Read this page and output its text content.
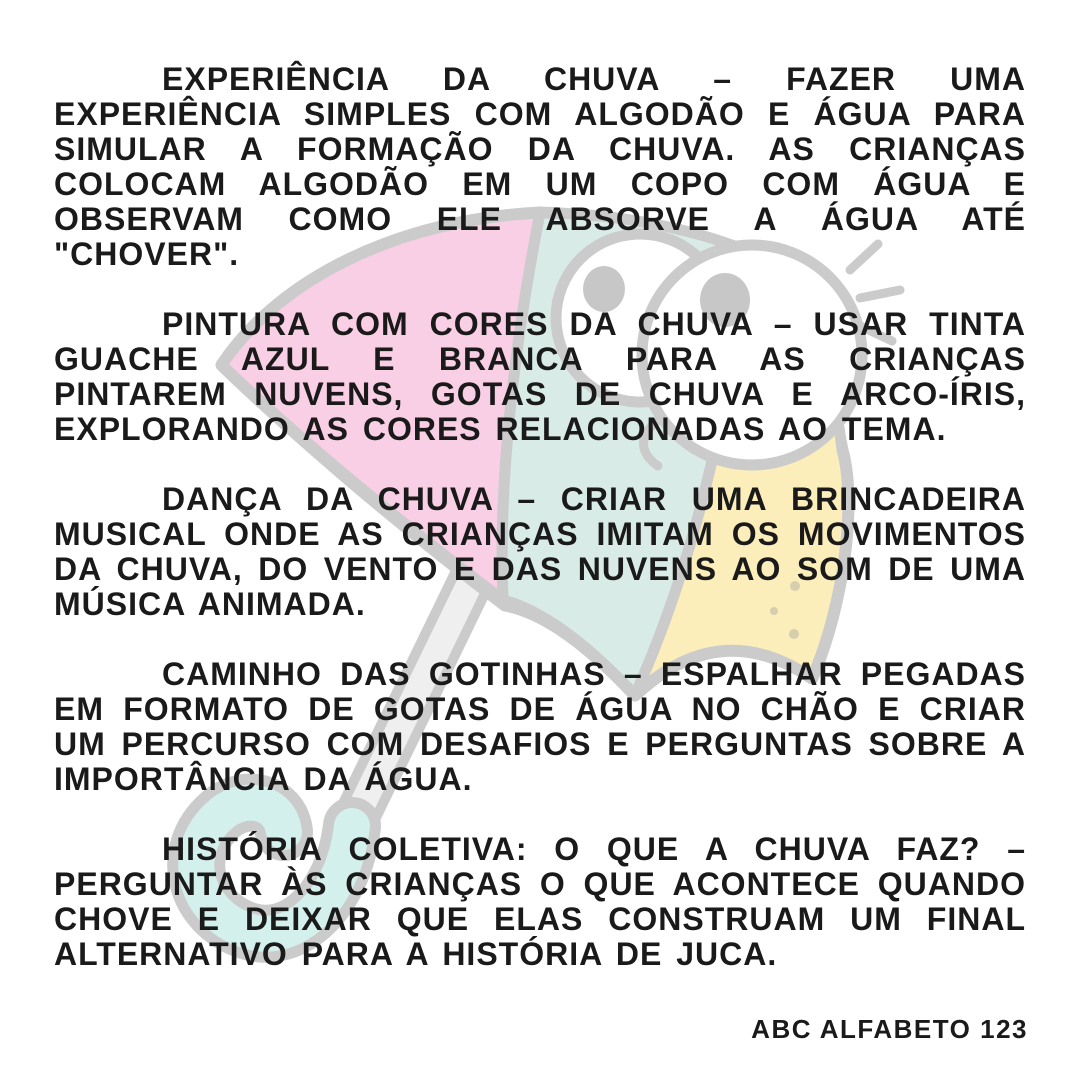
EXPERIÊNCIA DA CHUVA – FAZER UMA EXPERIÊNCIA SIMPLES COM ALGODÃO E ÁGUA PARA SIMULAR A FORMAÇÃO DA CHUVA. AS CRIANÇAS COLOCAM ALGODÃO EM UM COPO COM ÁGUA E OBSERVAM COMO ELE ABSORVE A ÁGUA ATÉ "CHOVER".

PINTURA COM CORES DA CHUVA – USAR TINTA GUACHE AZUL E BRANCA PARA AS CRIANÇAS PINTAREM NUVENS, GOTAS DE CHUVA E ARCO-ÍRIS, EXPLORANDO AS CORES RELACIONADAS AO TEMA.

DANÇA DA CHUVA – CRIAR UMA BRINCADEIRA MUSICAL ONDE AS CRIANÇAS IMITAM OS MOVIMENTOS DA CHUVA, DO VENTO E DAS NUVENS AO SOM DE UMA MÚSICA ANIMADA.

CAMINHO DAS GOTINHAS – ESPALHAR PEGADAS EM FORMATO DE GOTAS DE ÁGUA NO CHÃO E CRIAR UM PERCURSO COM DESAFIOS E PERGUNTAS SOBRE A IMPORTÂNCIA DA ÁGUA.

HISTÓRIA COLETIVA: O QUE A CHUVA FAZ? – PERGUNTAR ÀS CRIANÇAS O QUE ACONTECE QUANDO CHOVE E DEIXAR QUE ELAS CONSTRUAM UM FINAL ALTERNATIVO PARA A HISTÓRIA DE JUCA.

ABC ALFABETO 123
